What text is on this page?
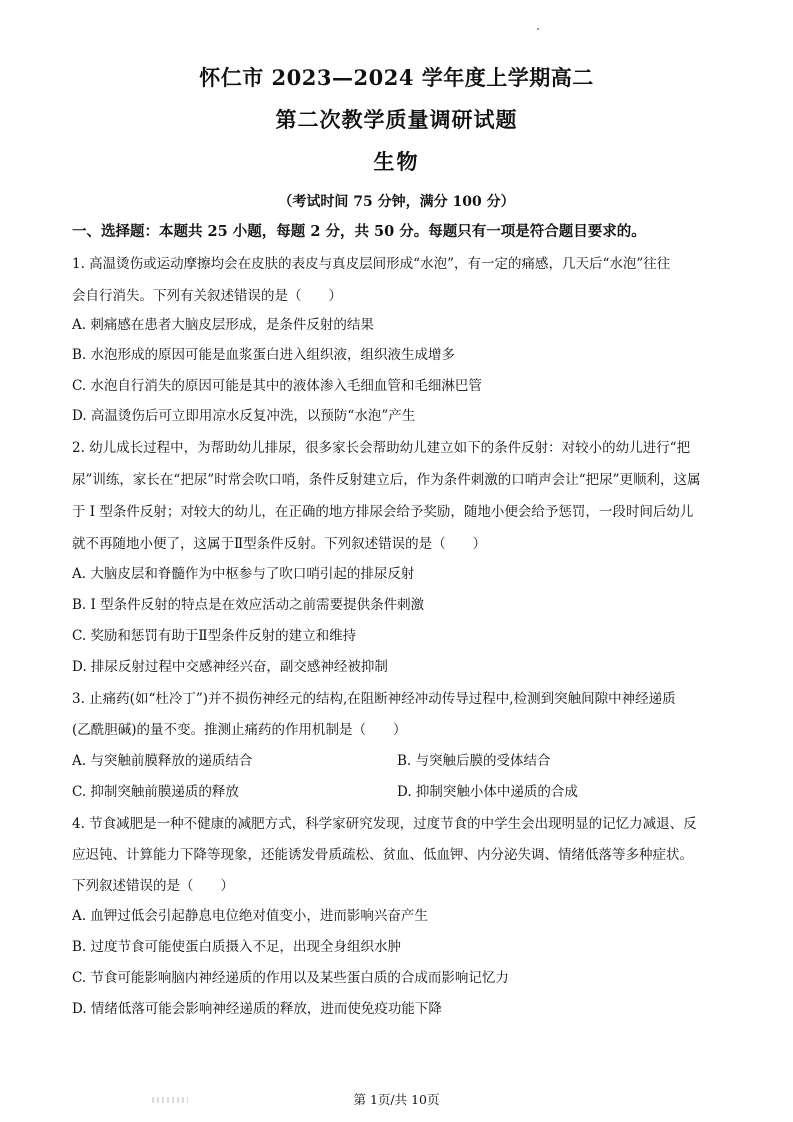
怀仁市 2023—2024 学年度上学期高二
第二次教学质量调研试题
生物
（考试时间 75 分钟，满分 100 分）
一、选择题：本题共 25 小题，每题 2 分，共 50 分。每题只有一项是符合题目要求的。
1. 高温烫伤或运动摩擦均会在皮肤的表皮与真皮层间形成“水泡”，有一定的痛感，几天后“水泡”往往
会自行消失。下列有关叙述错误的是（　　）
A. 刺痛感在患者大脑皮层形成，是条件反射的结果
B. 水泡形成的原因可能是血浆蛋白进入组织液，组织液生成增多
C. 水泡自行消失的原因可能是其中的液体渗入毛细血管和毛细淋巴管
D. 高温烫伤后可立即用凉水反复冲洗，以预防“水泡”产生
2. 幼儿成长过程中，为帮助幼儿排尿，很多家长会帮助幼儿建立如下的条件反射：对较小的幼儿进行“把
尿”训练，家长在“把尿”时常会吹口哨，条件反射建立后，作为条件刺激的口哨声会让“把尿”更顺利，这属
于 I 型条件反射；对较大的幼儿，在正确的地方排尿会给予奖励，随地小便会给予惩罚，一段时间后幼儿
就不再随地小便了，这属于Ⅱ型条件反射。下列叙述错误的是（　　）
A. 大脑皮层和脊髓作为中枢参与了吹口哨引起的排尿反射
B. I 型条件反射的特点是在效应活动之前需要提供条件刺激
C. 奖励和惩罚有助于Ⅱ型条件反射的建立和维持
D. 排尿反射过程中交感神经兴奋，副交感神经被抑制
3. 止痛药(如“杜冷丁”)并不损伤神经元的结构,在阻断神经冲动传导过程中,检测到突触间隙中神经递质
(乙酰胆碱)的量不变。推测止痛药的作用机制是（　　）
A. 与突触前膜释放的递质结合	B. 与突触后膜的受体结合
C. 抑制突触前膜递质的释放	D. 抑制突触小体中递质的合成
4. 节食减肥是一种不健康的减肥方式，科学家研究发现，过度节食的中学生会出现明显的记忆力减退、反
应迟钝、计算能力下降等现象，还能诱发骨质疏松、贫血、低血钾、内分泌失调、情绪低落等多种症状。
下列叙述错误的是（　　）
A. 血钾过低会引起静息电位绝对值变小，进而影响兴奋产生
B. 过度节食可能使蛋白质摄入不足，出现全身组织水肿
C. 节食可能影响脑内神经递质的作用以及某些蛋白质的合成而影响记忆力
D. 情绪低落可能会影响神经递质的释放，进而使免疫功能下降
第 1页/共 10页
